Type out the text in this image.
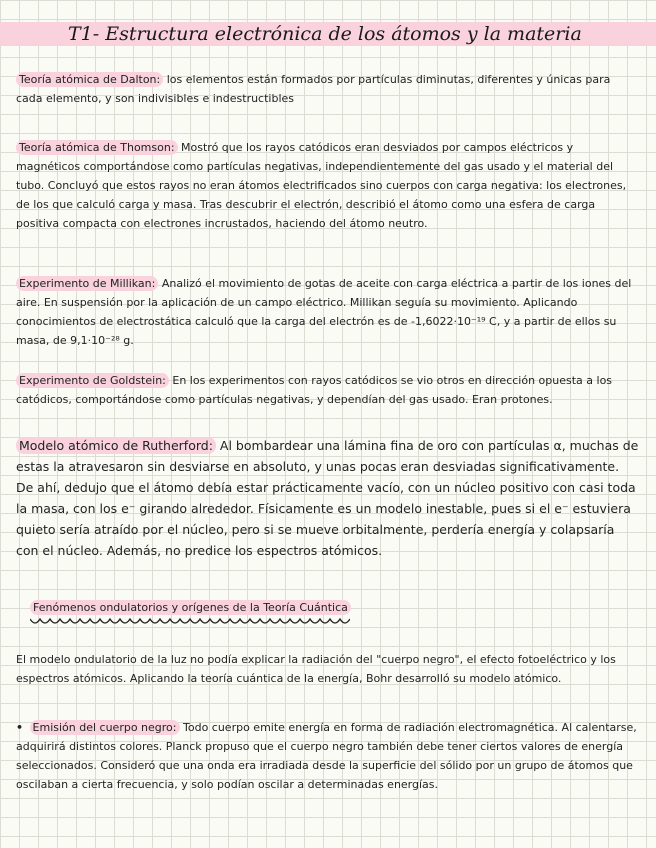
T1- Estructura electrónica de los átomos y la materia
Teoría atómica de Dalton: los elementos están formados por partículas diminutas, diferentes y únicas para cada elemento, y son indivisibles e indestructibles
Teoría atómica de Thomson: Mostró que los rayos catódicos eran desviados por campos eléctricos y magnéticos comportándose como partículas negativas, independientemente del gas usado y el material del tubo. Concluyó que estos rayos no eran átomos electrificados sino cuerpos con carga negativa: los electrones, de los que calculó carga y masa. Tras descubrir el electrón, describió el átomo como una esfera de carga positiva compacta con electrones incrustados, haciendo del átomo neutro.
Experimento de Millikan: Analizó el movimiento de gotas de aceite con carga eléctrica a partir de los iones del aire. En suspensión por la aplicación de un campo eléctrico. Millikan seguía su movimiento. Aplicando conocimientos de electrostática calculó que la carga del electrón es de -1,6022·10⁻¹⁹ C, y a partir de ellos su masa, de 9,1·10⁻²⁸ g.
Experimento de Goldstein: En los experimentos con rayos catódicos se vio otros en dirección opuesta a los catódicos, comportándose como partículas negativas, y dependían del gas usado. Eran protones.
Modelo atómico de Rutherford: Al bombardear una lámina fina de oro con partículas α, muchas de estas la atravesaron sin desviarse en absoluto, y unas pocas eran desviadas significativamente. De ahí, dedujo que el átomo debía estar prácticamente vacío, con un núcleo positivo con casi toda la masa, con los e⁻ girando alrededor. Físicamente es un modelo inestable, pues si el e⁻ estuviera quieto sería atraído por el núcleo, pero si se mueve orbitalmente, perdería energía y colapsaría con el núcleo. Además, no predice los espectros atómicos.
Fenómenos ondulatorios y orígenes de la Teoría Cuántica
El modelo ondulatorio de la luz no podía explicar la radiación del "cuerpo negro", el efecto fotoeléctrico y los espectros atómicos. Aplicando la teoría cuántica de la energía, Bohr desarrolló su modelo atómico.
• Emisión del cuerpo negro: Todo cuerpo emite energía en forma de radiación electromagnética. Al calentarse, adquirirá distintos colores. Planck propuso que el cuerpo negro también debe tener ciertos valores de energía seleccionados. Consideró que una onda era irradiada desde la superficie del sólido por un grupo de átomos que oscilaban a cierta frecuencia, y solo podían oscilar a determinadas energías.
